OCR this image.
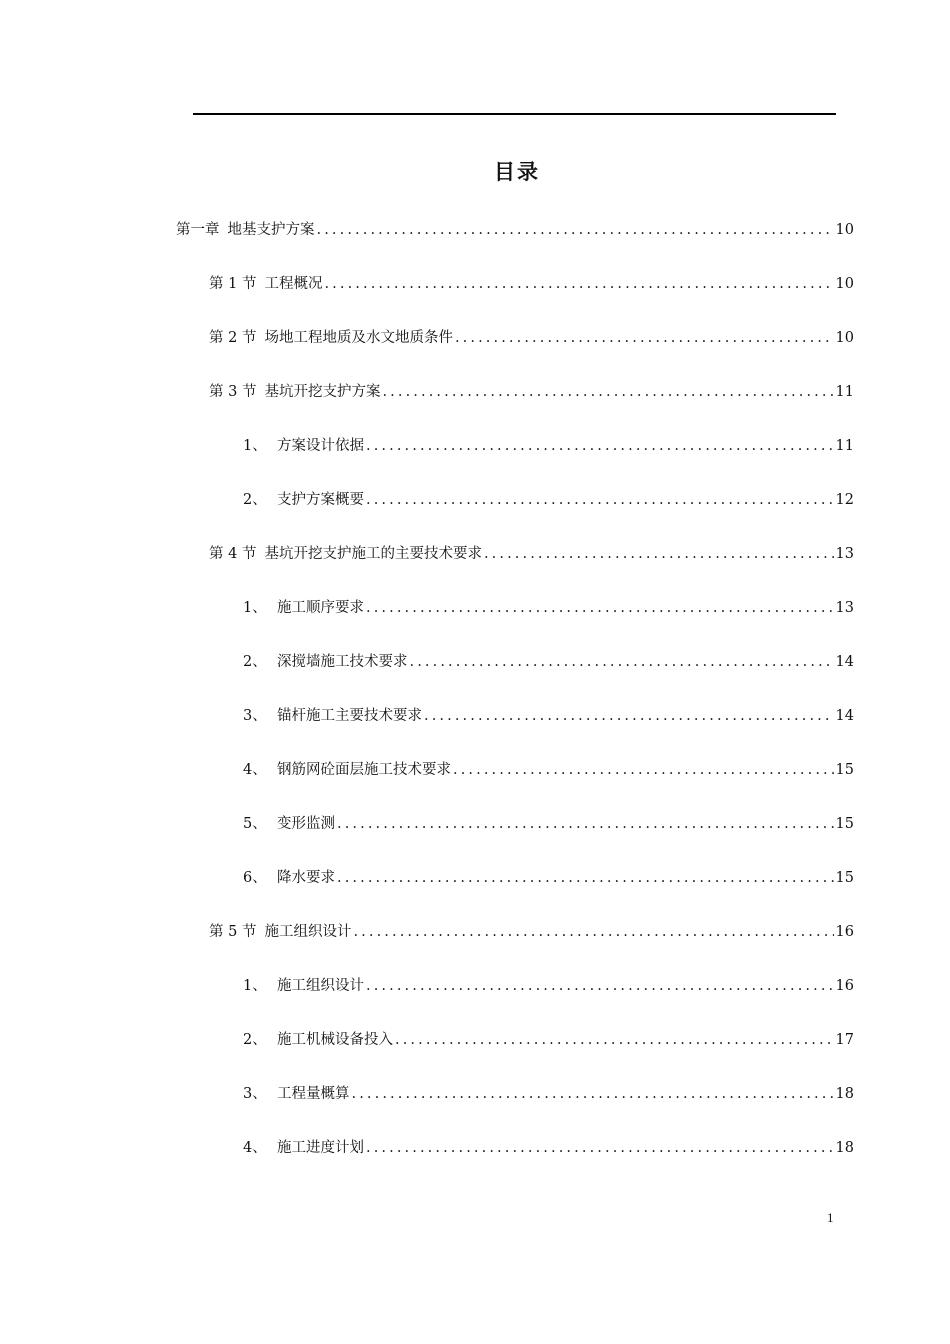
目录
第一章 地基支护方案 .....	10
第 1 节 工程概况 .....	10
第 2 节 场地工程地质及水文地质条件 .....	10
第 3 节 基坑开挖支护方案 .....	11
1、 方案设计依据 .....	11
2、 支护方案概要 .....	12
第 4 节 基坑开挖支护施工的主要技术要求 .....	13
1、 施工顺序要求 .....	13
2、 深搅墙施工技术要求 .....	14
3、 锚杆施工主要技术要求 .....	14
4、 钢筋网砼面层施工技术要求 .....	15
5、 变形监测 .....	15
6、 降水要求 .....	15
第 5 节 施工组织设计 .....	16
1、 施工组织设计 .....	16
2、 施工机械设备投入 .....	17
3、 工程量概算 .....	18
4、 施工进度计划 .....	18
1
